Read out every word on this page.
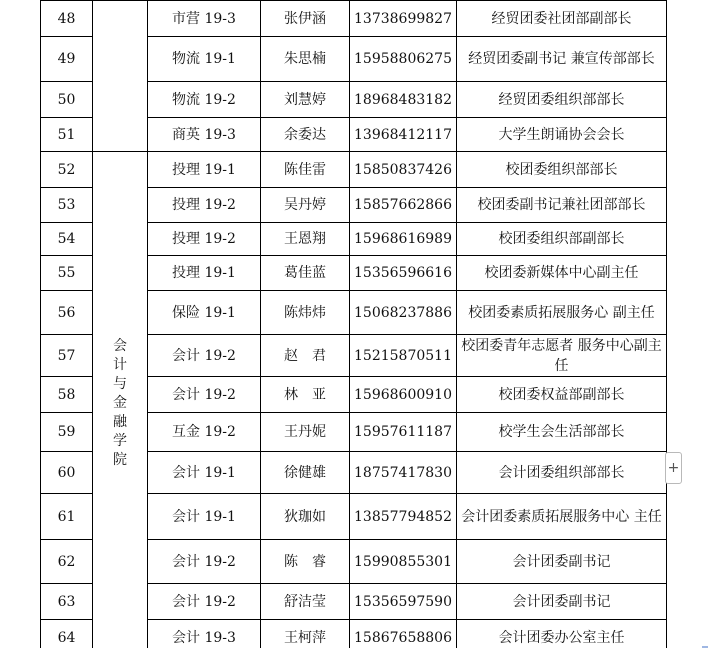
48		市营 19-3	张伊涵	13738699827	经贸团委社团部副部长
49		物流 19-1	朱思楠	15958806275	经贸团委副书记 兼宣传部部长
50		物流 19-2	刘慧婷	18968483182	经贸团委组织部部长
51		商英 19-3	余委达	13968412117	大学生朗诵协会会长
52	会计与金融学院	投理 19-1	陈佳雷	15850837426	校团委组织部部长
53		投理 19-2	吴丹婷	15857662866	校团委副书记兼社团部部长
54		投理 19-2	王恩翔	15968616989	校团委组织部副部长
55		投理 19-1	葛佳蓝	15356596616	校团委新媒体中心副主任
56		保险 19-1	陈炜炜	15068237886	校团委素质拓展服务心 副主任
57		会计 19-2	赵　君	15215870511	校团委青年志愿者 服务中心副主任
58		会计 19-2	林　亚	15968600910	校团委权益部副部长
59		互金 19-2	王丹妮	15957611187	校学生会生活部部长
60		会计 19-1	徐健雄	18757417830	会计团委组织部部长
61		会计 19-1	狄珈如	13857794852	会计团委素质拓展服务中心 主任
62		会计 19-2	陈　睿	15990855301	会计团委副书记
63		会计 19-2	舒洁莹	15356597590	会计团委副书记
64		会计 19-3	王柯萍	15867658806	会计团委办公室主任
+
